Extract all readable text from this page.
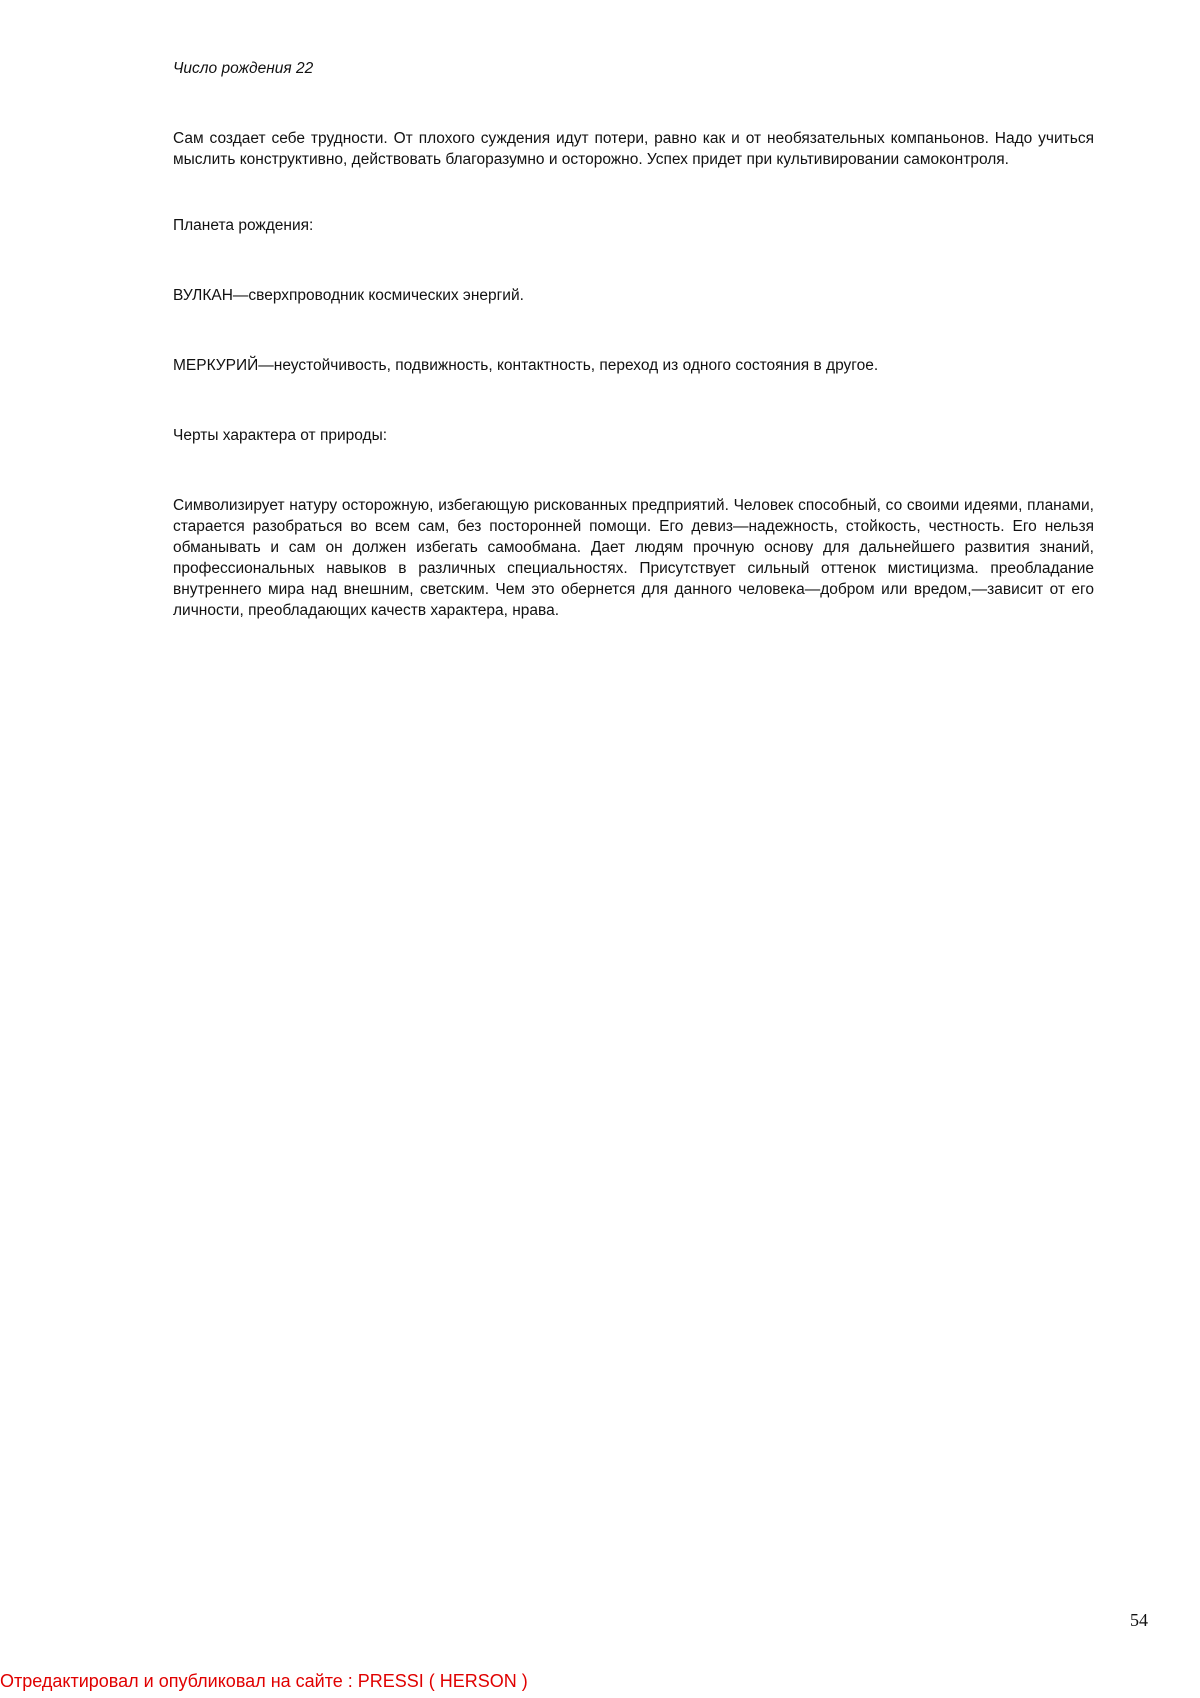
Число рождения 22

Сам создает себе трудности. От плохого суждения идут потери, равно как и от необязательных компаньонов. Надо учиться мыслить конструктивно, действовать благоразумно и осторожно. Успех придет при культивировании самоконтроля.

Планета рождения:

ВУЛКАН—сверхпроводник космических энергий.

МЕРКУРИЙ—неустойчивость, подвижность, контактность, переход из одного состояния в другое.

Черты характера от природы:

Символизирует натуру осторожную, избегающую рискованных предприятий. Человек способный, со своими идеями, планами, старается разобраться во всем сам, без посторонней помощи. Его девиз—надежность, стойкость, честность. Его нельзя обманывать и сам он должен избегать самообмана. Дает людям прочную основу для дальнейшего развития знаний, профессиональных навыков в различных специальностях. Присутствует сильный оттенок мистицизма. преобладание внутреннего мира над внешним, светским. Чем это обернется для данного человека—добром или вредом,—зависит от его личности, преобладающих качеств характера, нрава.

54
Отредактировал и опубликовал на сайте : PRESSI ( HERSON )
